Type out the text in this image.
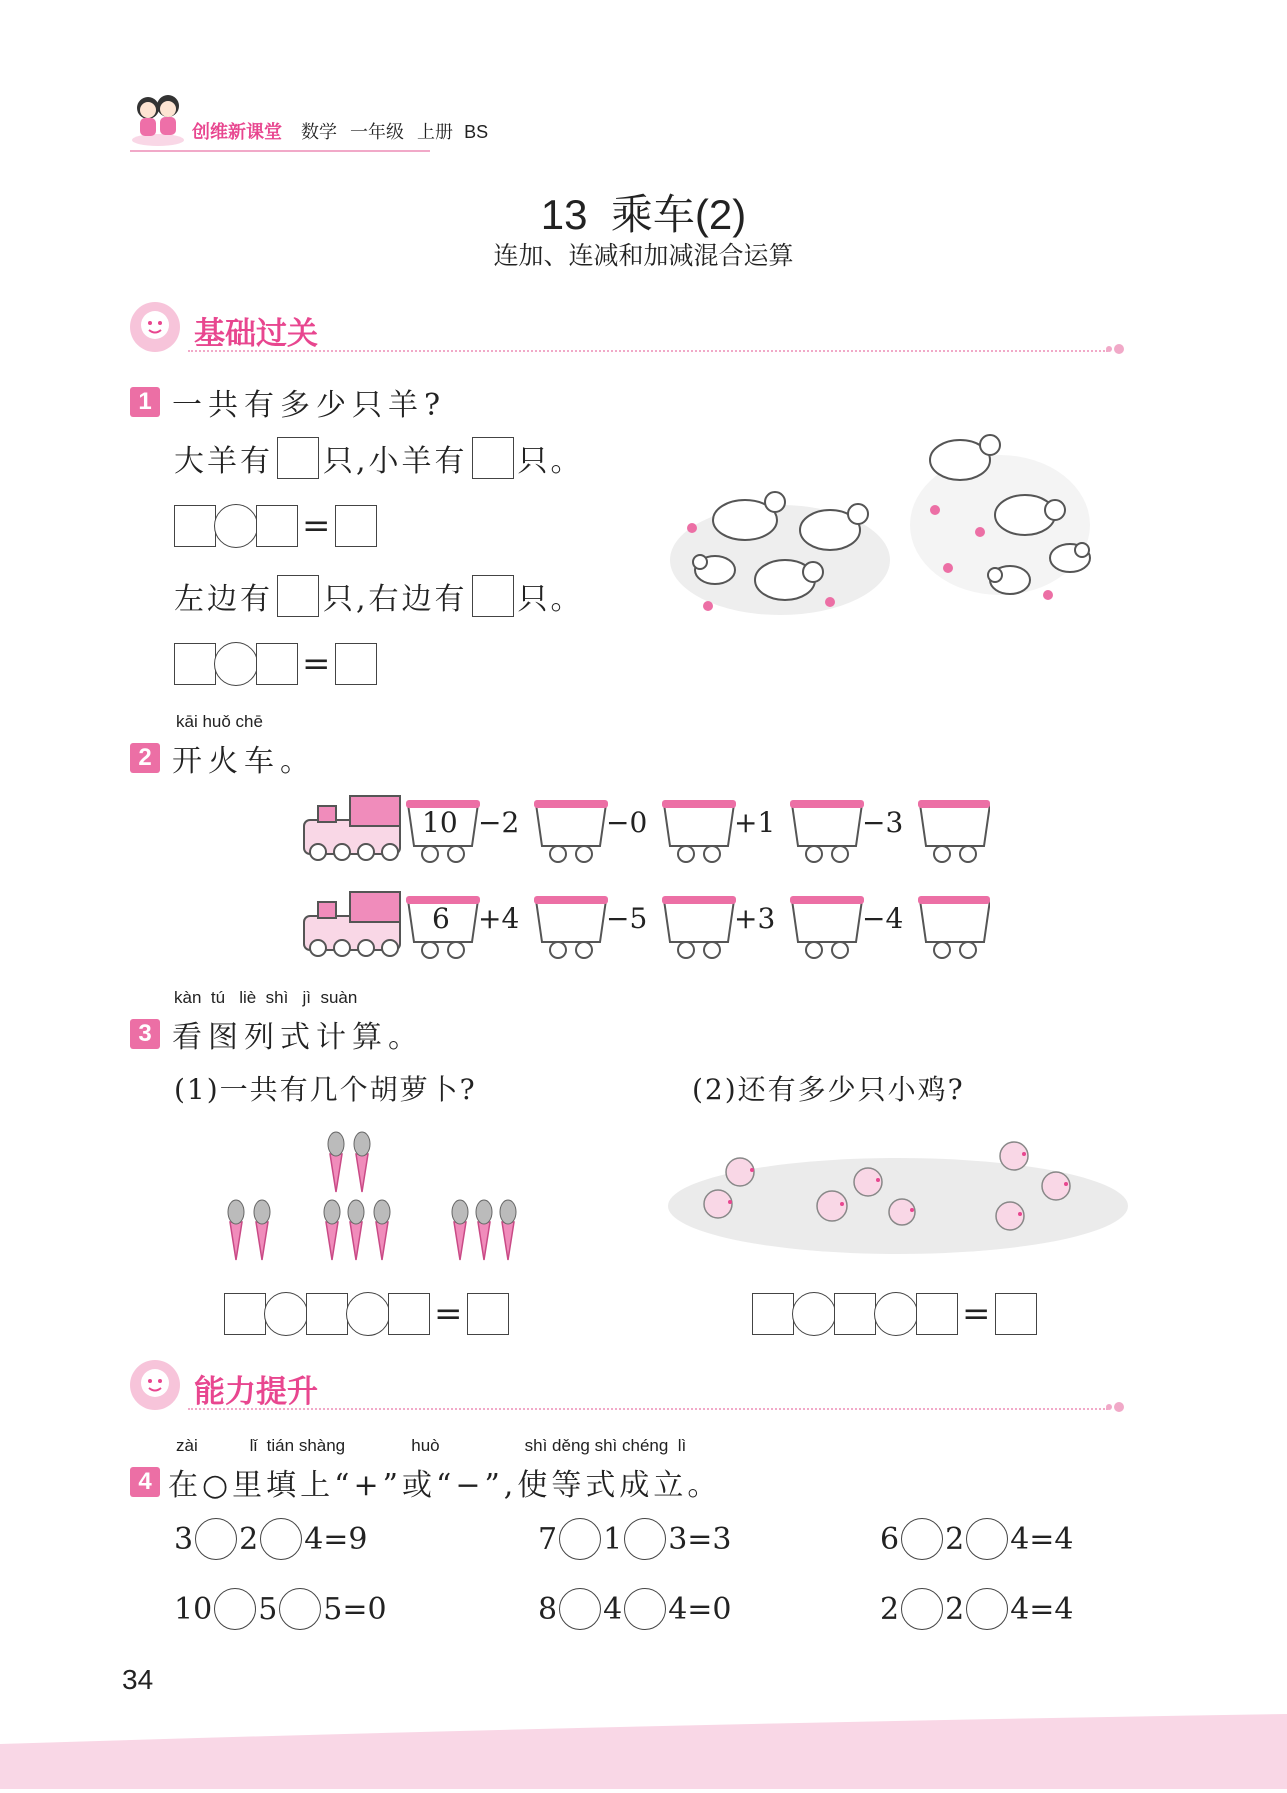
创维新课堂 数学 一年级 上册 BS
13  乘车(2)
连加、连减和加减混合运算
基础过关
1 一共有多少只羊?
大羊有 只,小羊有 只。
=
左边有 只,右边有 只。
=
kāi huǒ chē
2 开火车。
10 −2	−0	+1	−3
6 +4	−5	+3	−4
kàn  tú   liè  shì   jì  suàn
3 看图列式计算。
(1)一共有几个胡萝卜?	(2)还有多少只小鸡?
=	=
能力提升
zài           lǐ  tián shàng              huò                  shì děng shì chéng  lì
4 在○里填上“+”或“−”,使等式成立。
3 2 4 = 9	7 1 3 = 3	6 2 4 = 4
10 5 5 = 0	8 4 4 = 0	2 2 4 = 4
34
